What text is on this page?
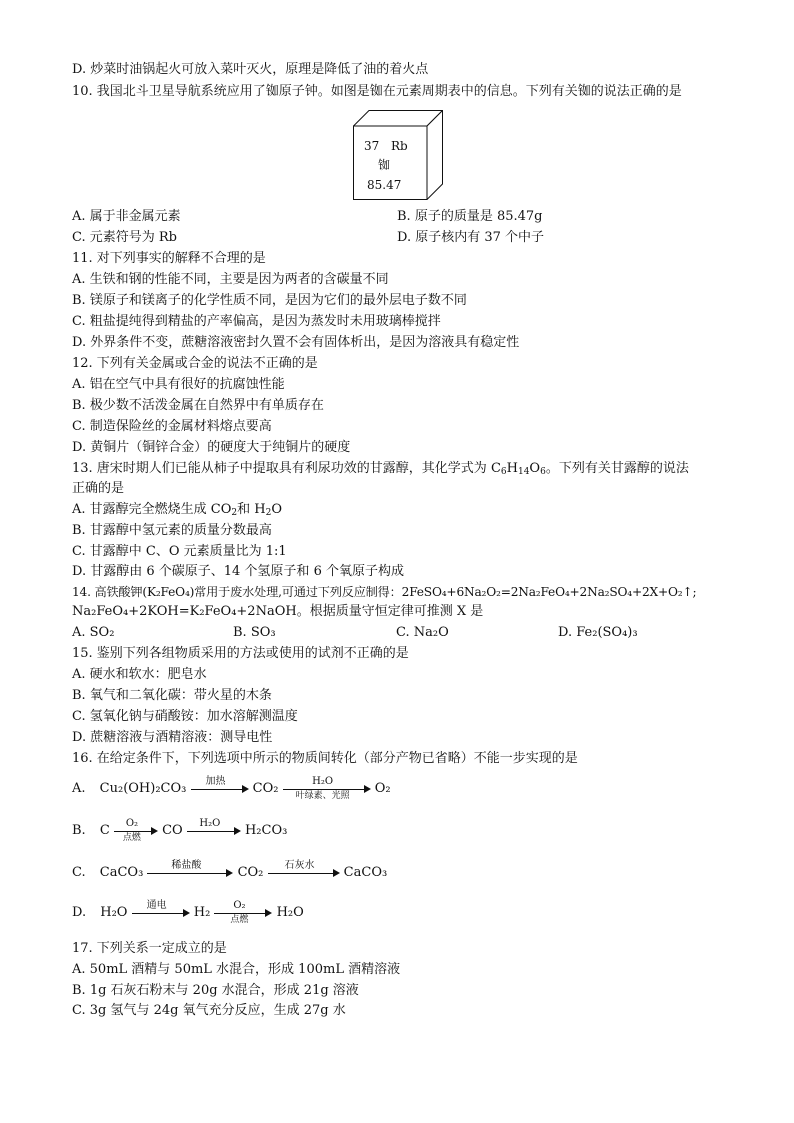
D. 炒菜时油锅起火可放入菜叶灭火，原理是降低了油的着火点
10. 我国北斗卫星导航系统应用了铷原子钟。如图是铷在元素周期表中的信息。下列有关铷的说法正确的是
37 Rb
铷
85.47
A. 属于非金属元素	B. 原子的质量是 85.47g
C. 元素符号为 Rb	D. 原子核内有 37 个中子
11. 对下列事实的解释不合理的是
A. 生铁和钢的性能不同，主要是因为两者的含碳量不同
B. 镁原子和镁离子的化学性质不同，是因为它们的最外层电子数不同
C. 粗盐提纯得到精盐的产率偏高，是因为蒸发时未用玻璃棒搅拌
D. 外界条件不变，蔗糖溶液密封久置不会有固体析出，是因为溶液具有稳定性
12. 下列有关金属或合金的说法不正确的是
A. 铝在空气中具有很好的抗腐蚀性能
B. 极少数不活泼金属在自然界中有单质存在
C. 制造保险丝的金属材料熔点要高
D. 黄铜片（铜锌合金）的硬度大于纯铜片的硬度
13. 唐宋时期人们已能从柿子中提取具有利尿功效的甘露醇，其化学式为 $C_6H_{14}O_6$。下列有关甘露醇的说法
正确的是
A. 甘露醇完全燃烧生成 $CO_2$和 $H_2O$
B. 甘露醇中氢元素的质量分数最高
C. 甘露醇中 C、O 元素质量比为 1:1
D. 甘露醇由 6 个碳原子、14 个氢原子和 6 个氧原子构成
14. 高铁酸钾(K₂FeO₄)常用于废水处理,可通过下列反应制得：2FeSO₄+6Na₂O₂=2Na₂FeO₄+2Na₂SO₄+2X+O₂↑;
Na₂FeO₄+2KOH=K₂FeO₄+2NaOH。根据质量守恒定律可推测 X 是
A. SO₂	B. SO₃	C. Na₂O	D. Fe₂(SO₄)₃
15. 鉴别下列各组物质采用的方法或使用的试剂不正确的是
A. 硬水和软水：肥皂水
B. 氧气和二氧化碳：带火星的木条
C. 氢氧化钠与硝酸铵：加水溶解测温度
D. 蔗糖溶液与酒精溶液：测导电性
16. 在给定条件下，下列选项中所示的物质间转化（部分产物已省略）不能一步实现的是
A. Cu₂(OH)₂CO₃	加热	CO₂	H₂O
叶绿素、光照	O₂
B. C	O₂
点燃	CO	H₂O	H₂CO₃
C. CaCO₃	稀盐酸	CO₂	石灰水	CaCO₃
D. H₂O	通电	H₂	O₂
点燃	H₂O
17. 下列关系一定成立的是
A. 50mL 酒精与 50mL 水混合，形成 100mL 酒精溶液
B. 1g 石灰石粉末与 20g 水混合，形成 21g 溶液
C. 3g 氢气与 24g 氧气充分反应，生成 27g 水
